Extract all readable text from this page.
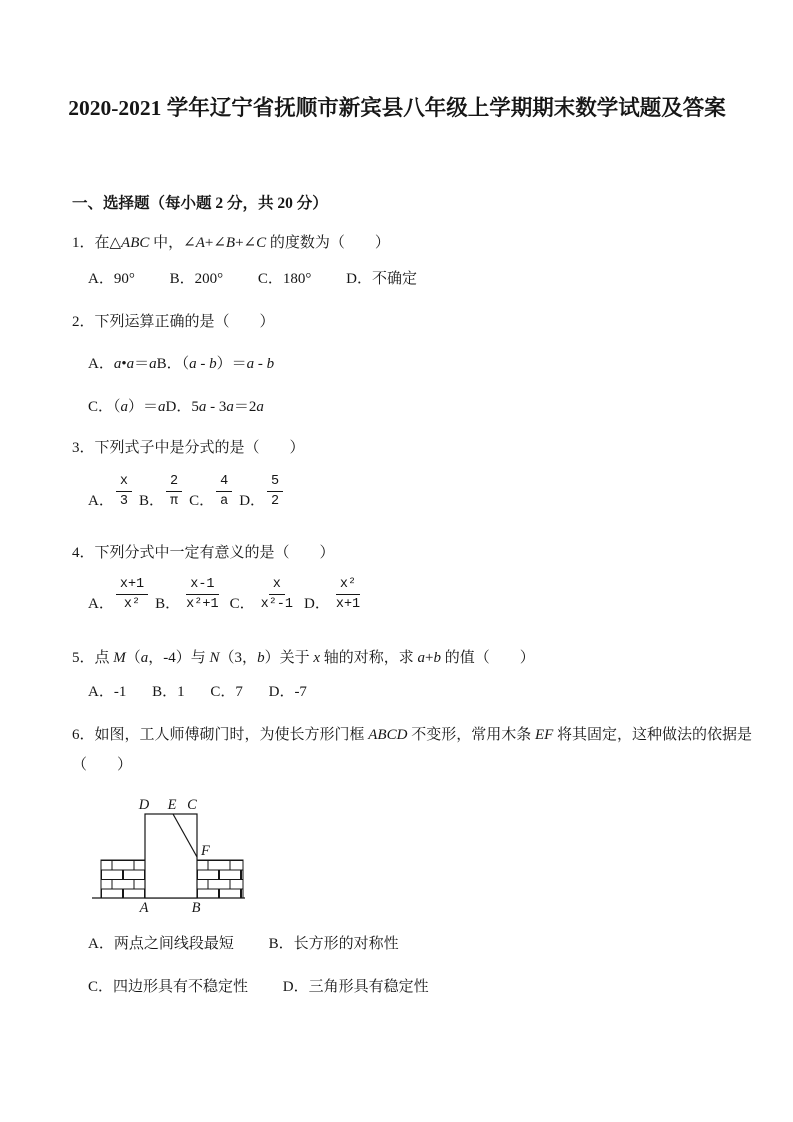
2020-2021 学年辽宁省抚顺市新宾县八年级上学期期末数学试题及答案
一、选择题（每小题 2 分，共 20 分）

1．在△ABC 中，∠A+∠B+∠C 的度数为（　　）

A．90° B．200° C．180° D．不确定

2．下列运算正确的是（　　）

A．a•a＝aB．（a - b）＝a - b

C．（a）＝aD．5a - 3a＝2a

3．下列式子中是分式的是（　　）

A． $\frac{x}{3}$ B． $\frac{2}{\pi}$ C． $\frac{4}{a}$ D． $\frac{5}{2}$

4．下列分式中一定有意义的是（　　）

A． $\frac{x+1}{\text{x²}}$ B． $\frac{x-1}{\text{x²+1}}$ C． $\frac{x}{\text{x²-1}}$ D． $\frac{\text{x²}}{x+1}$

5．点 M（a，-4）与 N（3，b）关于 x 轴的对称，求 a+b 的值（　　）

A．-1 B．1 C．7 D．-7

6．如图，工人师傅砌门时，为使长方形门框 ABCD 不变形，常用木条 EF 将其固定，这种做法的依据是（　　）

D E C
F
A	B
A．两点之间线段最短 B．长方形的对称性
C．四边形具有不稳定性 D．三角形具有稳定性
